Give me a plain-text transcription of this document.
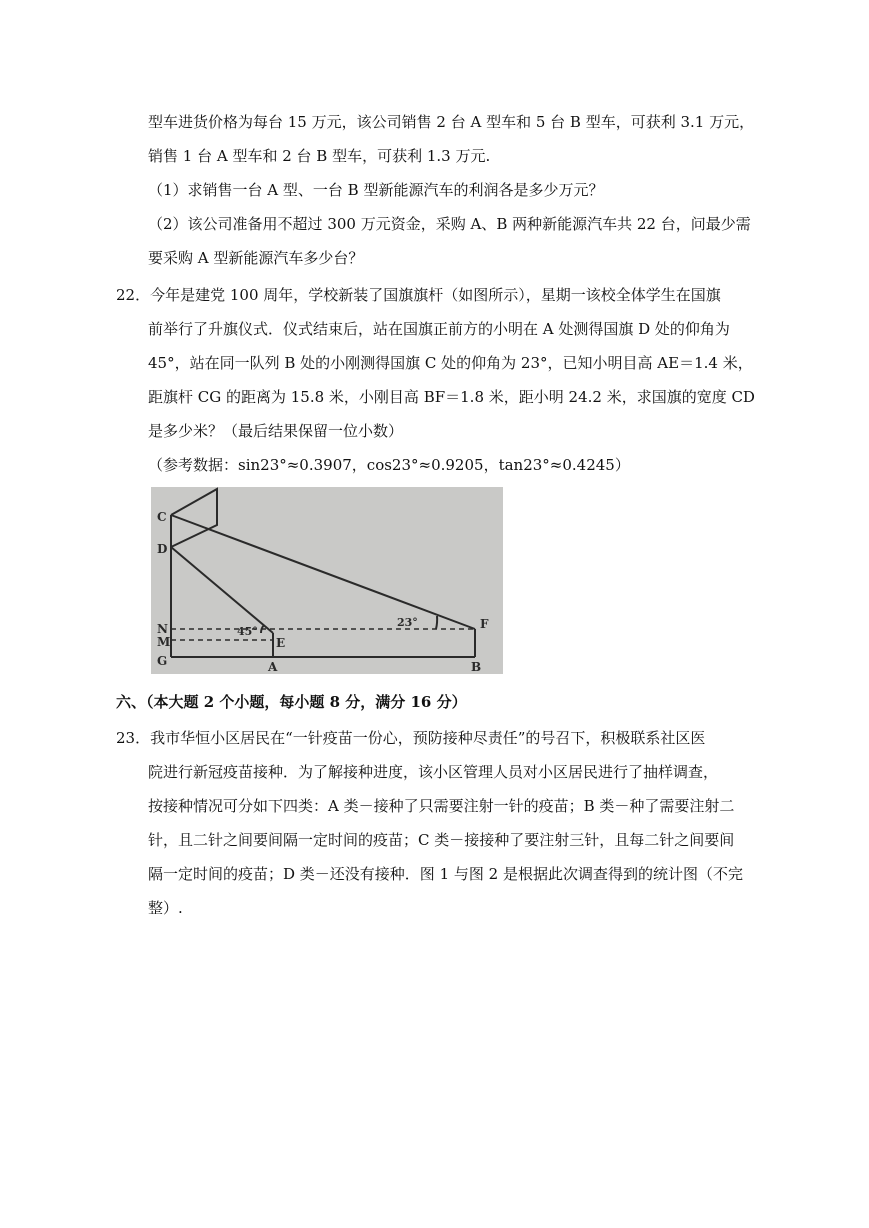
型车进货价格为每台 15 万元，该公司销售 2 台 A 型车和 5 台 B 型车，可获利 3.1 万元，
销售 1 台 A 型车和 2 台 B 型车，可获利 1.3 万元.
（1）求销售一台 A 型、一台 B 型新能源汽车的利润各是多少万元？
（2）该公司准备用不超过 300 万元资金，采购 A、B 两种新能源汽车共 22 台，问最少需
要采购 A 型新能源汽车多少台？
22．今年是建党 100 周年，学校新装了国旗旗杆（如图所示），星期一该校全体学生在国旗
前举行了升旗仪式．仪式结束后，站在国旗正前方的小明在 A 处测得国旗 D 处的仰角为
45°，站在同一队列 B 处的小刚测得国旗 C 处的仰角为 23°，已知小明目高 AE＝1.4 米，
距旗杆 CG 的距离为 15.8 米，小刚目高 BF＝1.8 米，距小明 24.2 米，求国旗的宽度 CD
是多少米？（最后结果保留一位小数）
（参考数据：sin23°≈0.3907，cos23°≈0.9205，tan23°≈0.4245）
C
D
N
M
G	A
E
B
F
45°
23°
六、（本大题 2 个小题，每小题 8 分，满分 16 分）
23．我市华恒小区居民在“一针疫苗一份心，预防接种尽责任”的号召下，积极联系社区医
院进行新冠疫苗接种．为了解接种进度，该小区管理人员对小区居民进行了抽样调查，
按接种情况可分如下四类：A 类－接种了只需要注射一针的疫苗；B 类－种了需要注射二
针，且二针之间要间隔一定时间的疫苗；C 类－接接种了要注射三针，且每二针之间要间
隔一定时间的疫苗；D 类－还没有接种．图 1 与图 2 是根据此次调查得到的统计图（不完
整）.
